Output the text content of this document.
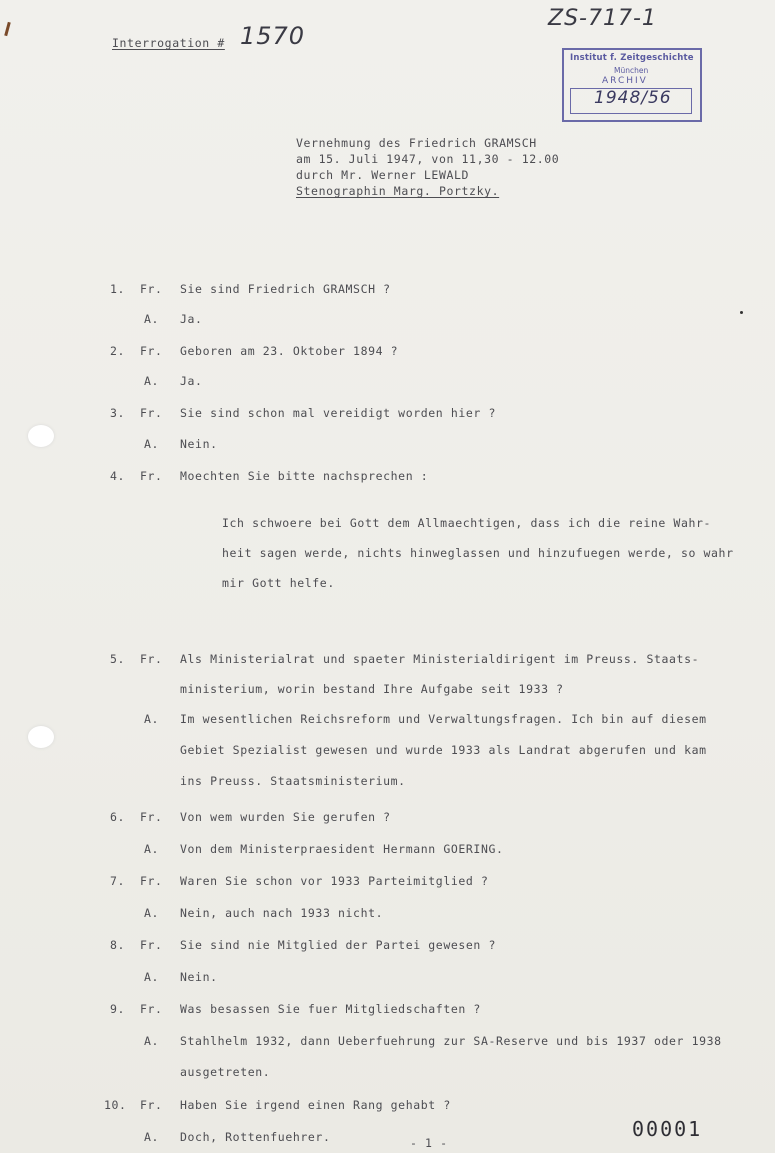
Interrogation # 1570
ZS-717-1
Institut f. Zeitgeschichte
München
ARCHIV
1948/56
Vernehmung des Friedrich GRAMSCH
am 15. Juli 1947, von 11,30 - 12.00
durch Mr. Werner LEWALD
Stenographin Marg. Portzky.
1. Fr. Sie sind Friedrich GRAMSCH ?
A. Ja.
2. Fr. Geboren am 23. Oktober 1894 ?
A. Ja.
3. Fr. Sie sind schon mal vereidigt worden hier ?
A. Nein.
4. Fr. Moechten Sie bitte nachsprechen :
Ich schwoere bei Gott dem Allmaechtigen, dass ich die reine Wahr-
heit sagen werde, nichts hinweglassen und hinzufuegen werde, so wahr
mir Gott helfe.
5. Fr. Als Ministerialrat und spaeter Ministerialdirigent im Preuss. Staats-
ministerium, worin bestand Ihre Aufgabe seit 1933 ?
A. Im wesentlichen Reichsreform und Verwaltungsfragen. Ich bin auf diesem
Gebiet Spezialist gewesen und wurde 1933 als Landrat abgerufen und kam
ins Preuss. Staatsministerium.
6. Fr. Von wem wurden Sie gerufen ?
A. Von dem Ministerpraesident Hermann GOERING.
7. Fr. Waren Sie schon vor 1933 Parteimitglied ?
A. Nein, auch nach 1933 nicht.
8. Fr. Sie sind nie Mitglied der Partei gewesen ?
A. Nein.
9. Fr. Was besassen Sie fuer Mitgliedschaften ?
A. Stahlhelm 1932, dann Ueberfuehrung zur SA-Reserve und bis 1937 oder 1938
ausgetreten.
10. Fr. Haben Sie irgend einen Rang gehabt ?
A. Doch, Rottenfuehrer.	- 1 -
00001
